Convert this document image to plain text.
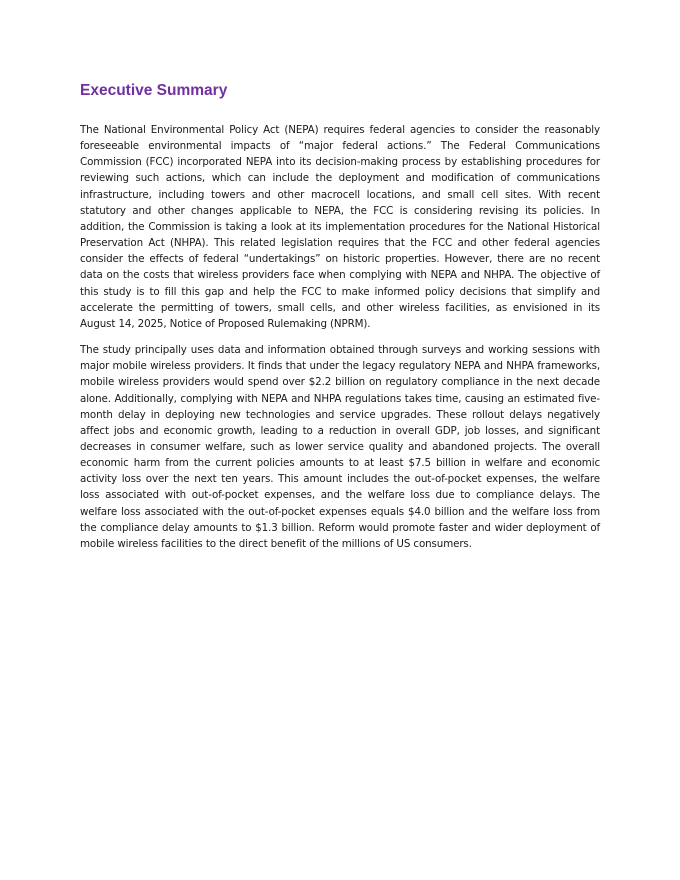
Executive Summary

The National Environmental Policy Act (NEPA) requires federal agencies to consider the reasonably foreseeable environmental impacts of “major federal actions.” The Federal Communications Commission (FCC) incorporated NEPA into its decision-making process by establishing procedures for reviewing such actions, which can include the deployment and modification of communications infrastructure, including towers and other macrocell locations, and small cell sites. With recent statutory and other changes applicable to NEPA, the FCC is considering revising its policies. In addition, the Commission is taking a look at its implementation procedures for the National Historical Preservation Act (NHPA). This related legislation requires that the FCC and other federal agencies consider the effects of federal “undertakings” on historic properties. However, there are no recent data on the costs that wireless providers face when complying with NEPA and NHPA. The objective of this study is to fill this gap and help the FCC to make informed policy decisions that simplify and accelerate the permitting of towers, small cells, and other wireless facilities, as envisioned in its August 14, 2025, Notice of Proposed Rulemaking (NPRM).

The study principally uses data and information obtained through surveys and working sessions with major mobile wireless providers. It finds that under the legacy regulatory NEPA and NHPA frameworks, mobile wireless providers would spend over $2.2 billion on regulatory compliance in the next decade alone. Additionally, complying with NEPA and NHPA regulations takes time, causing an estimated five-month delay in deploying new technologies and service upgrades. These rollout delays negatively affect jobs and economic growth, leading to a reduction in overall GDP, job losses, and significant decreases in consumer welfare, such as lower service quality and abandoned projects. The overall economic harm from the current policies amounts to at least $7.5 billion in welfare and economic activity loss over the next ten years. This amount includes the out-of-pocket expenses, the welfare loss associated with out-of-pocket expenses, and the welfare loss due to compliance delays. The welfare loss associated with the out-of-pocket expenses equals $4.0 billion and the welfare loss from the compliance delay amounts to $1.3 billion. Reform would promote faster and wider deployment of mobile wireless facilities to the direct benefit of the millions of US consumers.
